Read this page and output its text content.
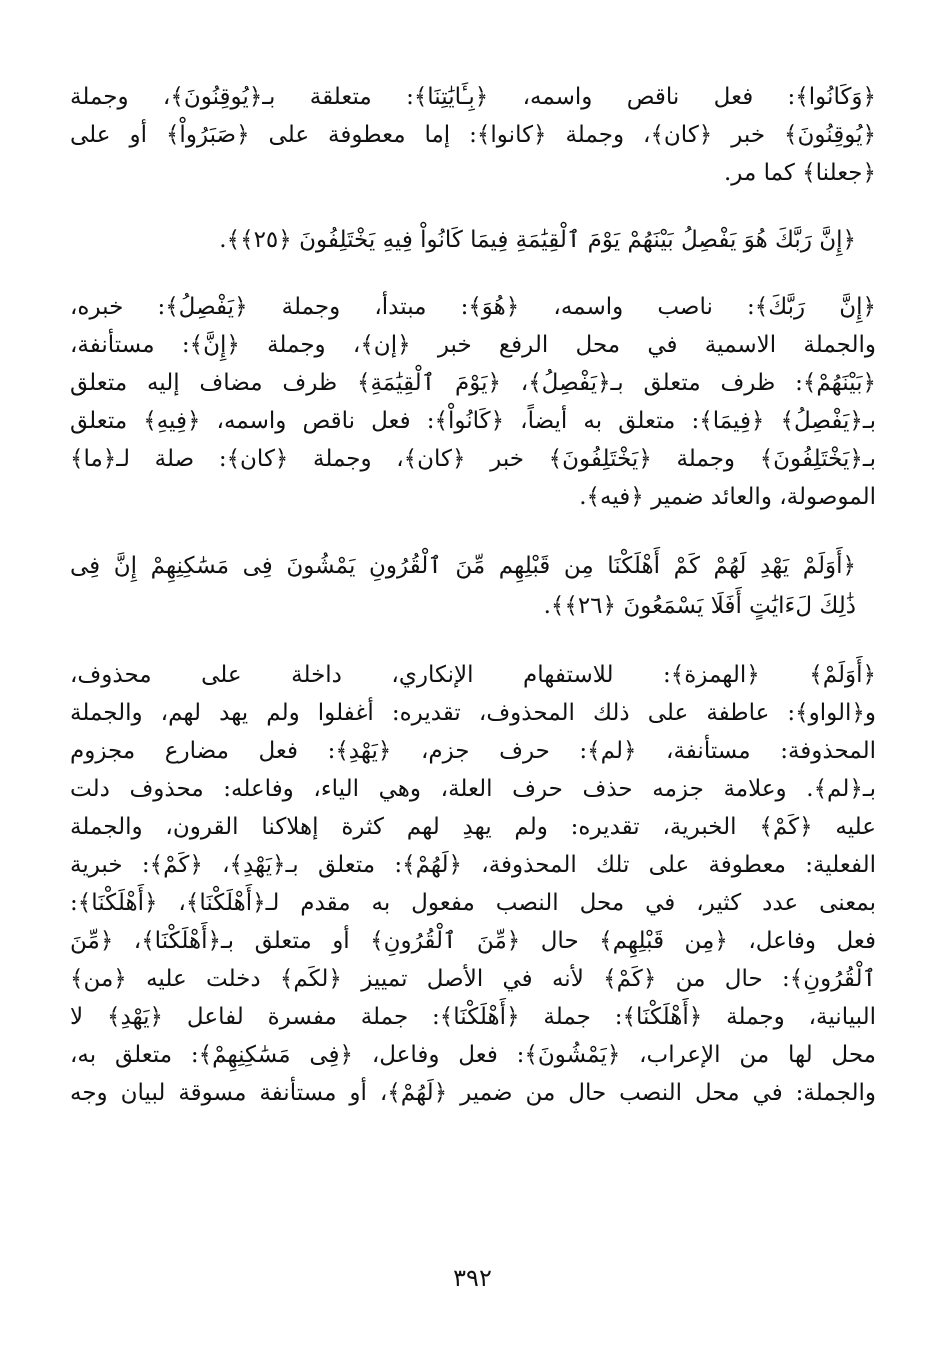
﴿وَكَانُوا﴾: فعل ناقص واسمه، ﴿بِـَٔايَٰتِنَا﴾: متعلقة بـ﴿يُوقِنُونَ﴾، وجملة
﴿يُوقِنُونَ﴾ خبر ﴿كان﴾، وجملة ﴿كانوا﴾: إما معطوفة على ﴿صَبَرُواْ﴾ أو على
﴿جعلنا﴾ كما مر.

﴿إِنَّ رَبَّكَ هُوَ يَفْصِلُ بَيْنَهُمْ يَوْمَ ٱلْقِيَٰمَةِ فِيمَا كَانُواْ فِيهِ يَخْتَلِفُونَ ﴿٢٥﴾﴾.

﴿إِنَّ رَبَّكَ﴾: ناصب واسمه، ﴿هُوَ﴾: مبتدأ، وجملة ﴿يَفْصِلُ﴾: خبره،
والجملة الاسمية في محل الرفع خبر ﴿إن﴾، وجملة ﴿إِنَّ﴾: مستأنفة،
﴿بَيْنَهُمْ﴾: ظرف متعلق بـ﴿يَفْصِلُ﴾، ﴿يَوْمَ ٱلْقِيَٰمَةِ﴾ ظرف مضاف إليه متعلق
بـ﴿يَفْصِلُ﴾ ﴿فِيمَا﴾: متعلق به أيضاً، ﴿كَانُواْ﴾: فعل ناقص واسمه، ﴿فِيهِ﴾ متعلق
بـ﴿يَخْتَلِفُونَ﴾ وجملة ﴿يَخْتَلِفُونَ﴾ خبر ﴿كان﴾، وجملة ﴿كان﴾: صلة لـ﴿ما﴾
الموصولة، والعائد ضمير ﴿فيه﴾.

﴿أَوَلَمْ يَهْدِ لَهُمْ كَمْ أَهْلَكْنَا مِن قَبْلِهِم مِّنَ ٱلْقُرُونِ يَمْشُونَ فِى مَسَٰكِنِهِمْ إِنَّ فِى
ذَٰلِكَ لَءَايَٰتٍ أَفَلَا يَسْمَعُونَ ﴿٢٦﴾﴾.

﴿أَوَلَمْ﴾ ﴿الهمزة﴾: للاستفهام الإنكاري، داخلة على محذوف،
و﴿الواو﴾: عاطفة على ذلك المحذوف، تقديره: أغفلوا ولم يهد لهم، والجملة
المحذوفة: مستأنفة، ﴿لم﴾: حرف جزم، ﴿يَهْدِ﴾: فعل مضارع مجزوم
بـ﴿لم﴾. وعلامة جزمه حذف حرف العلة، وهي الياء، وفاعله: محذوف دلت
عليه ﴿كَمْ﴾ الخبرية، تقديره: ولم يهدِ لهم كثرة إهلاكنا القرون، والجملة
الفعلية: معطوفة على تلك المحذوفة، ﴿لَهُمْ﴾: متعلق بـ﴿يَهْدِ﴾، ﴿كَمْ﴾: خبرية
بمعنى عدد كثير، في محل النصب مفعول به مقدم لـ﴿أَهْلَكْنَا﴾، ﴿أَهْلَكْنَا﴾:
فعل وفاعل، ﴿مِن قَبْلِهِم﴾ حال ﴿مِّنَ ٱلْقُرُونِ﴾ أو متعلق بـ﴿أَهْلَكْنَا﴾، ﴿مِّنَ
ٱلْقُرُونِ﴾: حال من ﴿كَمْ﴾ لأنه في الأصل تمييز ﴿لكَم﴾ دخلت عليه ﴿من﴾
البيانية، وجملة ﴿أَهْلَكْنَا﴾: جملة ﴿أَهْلَكْنَا﴾: جملة مفسرة لفاعل ﴿يَهْدِ﴾ لا
محل لها من الإعراب، ﴿يَمْشُونَ﴾: فعل وفاعل، ﴿فِى مَسَٰكِنِهِمْ﴾: متعلق به،
والجملة: في محل النصب حال من ضمير ﴿لَهُمْ﴾، أو مستأنفة مسوقة لبيان وجه

٣٩٢
